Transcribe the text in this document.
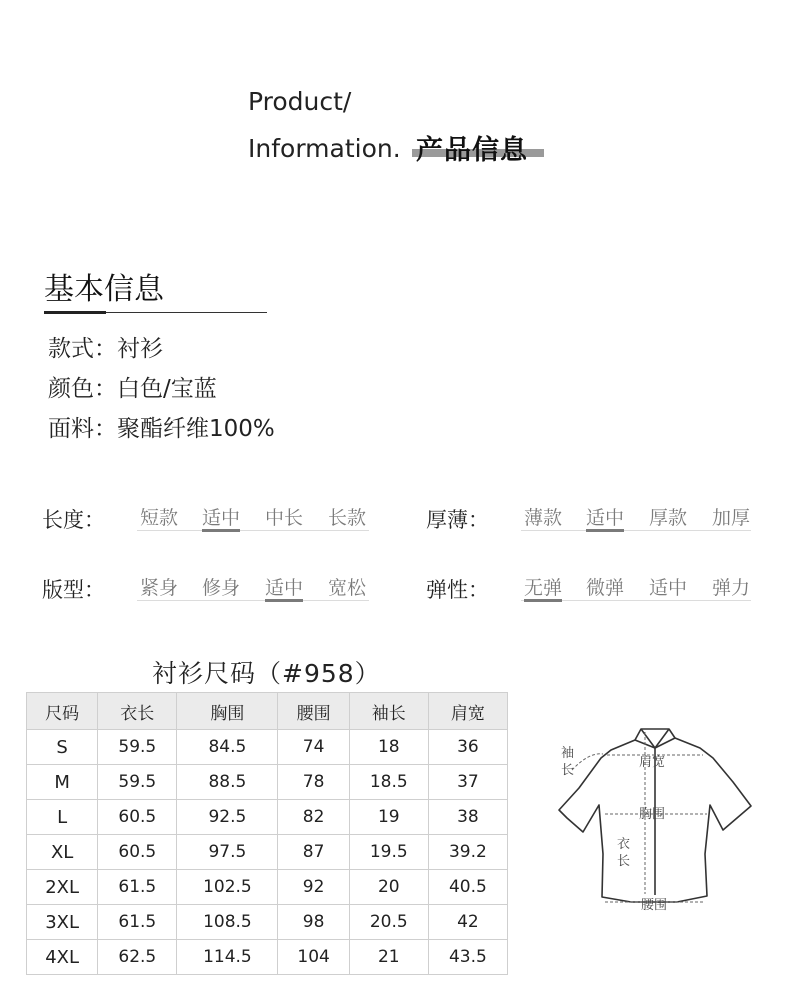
Product/
Information. 产品信息
基本信息
款式：衬衫
颜色：白色/宝蓝
面料：聚酯纤维100%
长度： 短款 适中 中长 长款	厚薄： 薄款 适中 厚款 加厚
版型： 紧身 修身 适中 宽松	弹性： 无弹 微弹 适中 弹力
衬衫尺码（#958）
尺码	衣长	胸围	腰围	袖长	肩宽
S	59.5	84.5	74	18	36
M	59.5	88.5	78	18.5	37
L	60.5	92.5	82	19	38
XL	60.5	97.5	87	19.5	39.2
2XL	61.5	102.5	92	20	40.5
3XL	61.5	108.5	98	20.5	42
4XL	62.5	114.5	104	21	43.5
袖
长
肩宽
胸围
衣
长
腰围
